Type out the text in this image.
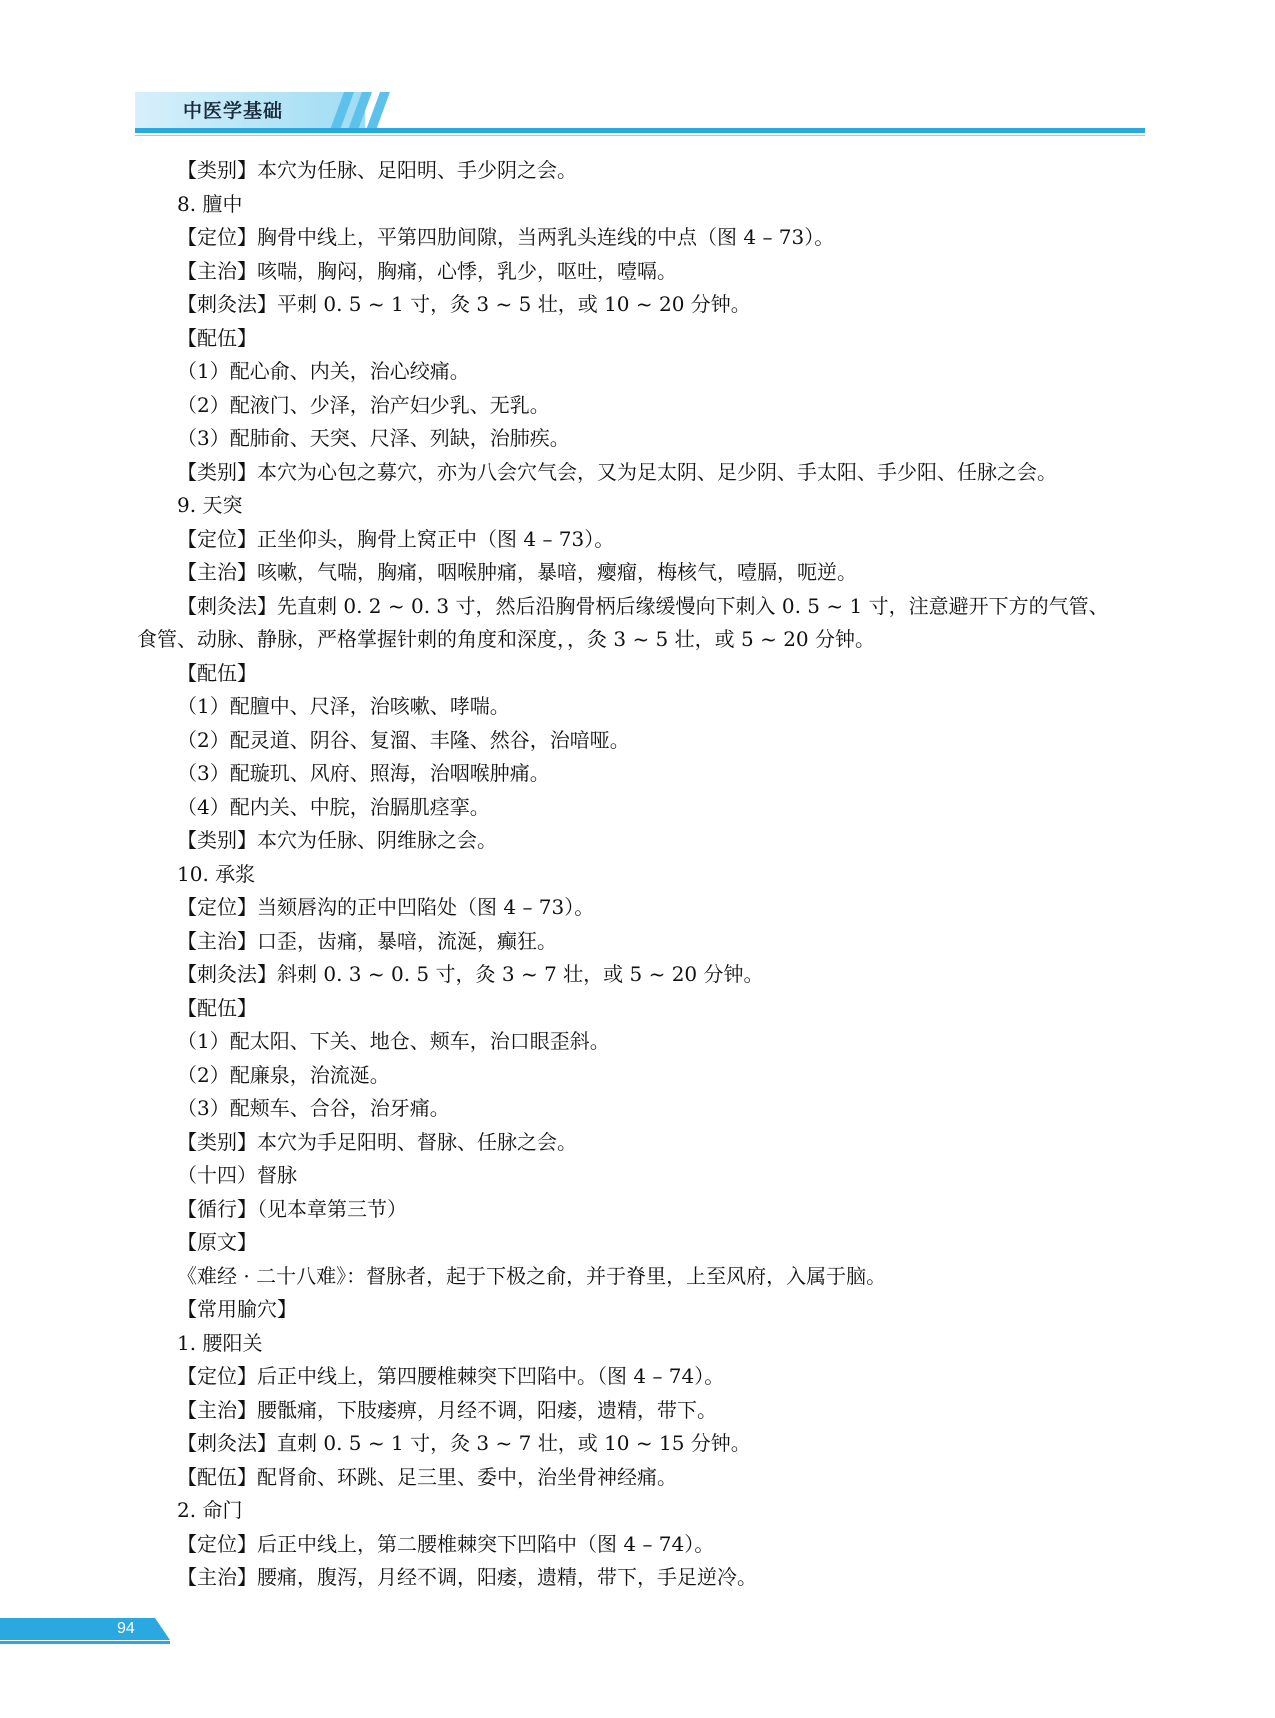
中医学基础
【类别】本穴为任脉、足阳明、手少阴之会。
8. 膻中
【定位】胸骨中线上，平第四肋间隙，当两乳头连线的中点（图 4 – 73）。
【主治】咳喘，胸闷，胸痛，心悸，乳少，呕吐，噎嗝。
【刺灸法】平刺 0. 5 ~ 1 寸，灸 3 ~ 5 壮，或 10 ~ 20 分钟。
【配伍】
（1）配心俞、内关，治心绞痛。
（2）配液门、少泽，治产妇少乳、无乳。
（3）配肺俞、天突、尺泽、列缺，治肺疾。
【类别】本穴为心包之募穴，亦为八会穴气会，又为足太阴、足少阴、手太阳、手少阳、任脉之会。
9. 天突
【定位】正坐仰头，胸骨上窝正中（图 4 – 73）。
【主治】咳嗽，气喘，胸痛，咽喉肿痛，暴喑，瘿瘤，梅核气，噎膈，呃逆。
【刺灸法】先直刺 0. 2 ~ 0. 3 寸，然后沿胸骨柄后缘缓慢向下刺入 0. 5 ~ 1 寸，注意避开下方的气管、
食管、动脉、静脉，严格掌握针刺的角度和深度，，灸 3 ~ 5 壮，或 5 ~ 20 分钟。
【配伍】
（1）配膻中、尺泽，治咳嗽、哮喘。
（2）配灵道、阴谷、复溜、丰隆、然谷，治喑哑。
（3）配璇玑、风府、照海，治咽喉肿痛。
（4）配内关、中脘，治膈肌痉挛。
【类别】本穴为任脉、阴维脉之会。
10. 承浆
【定位】当颏唇沟的正中凹陷处（图 4 – 73）。
【主治】口歪，齿痛，暴喑，流涎，癫狂。
【刺灸法】斜刺 0. 3 ~ 0. 5 寸，灸 3 ~ 7 壮，或 5 ~ 20 分钟。
【配伍】
（1）配太阳、下关、地仓、颊车，治口眼歪斜。
（2）配廉泉，治流涎。
（3）配颊车、合谷，治牙痛。
【类别】本穴为手足阳明、督脉、任脉之会。
（十四）督脉
【循行】（见本章第三节）
【原文】
《难经 · 二十八难》：督脉者，起于下极之俞，并于脊里，上至风府，入属于脑。
【常用腧穴】
1. 腰阳关
【定位】后正中线上，第四腰椎棘突下凹陷中。（图 4 – 74）。
【主治】腰骶痛，下肢痿痹，月经不调，阳痿，遗精，带下。
【刺灸法】直刺 0. 5 ~ 1 寸，灸 3 ~ 7 壮，或 10 ~ 15 分钟。
【配伍】配肾俞、环跳、足三里、委中，治坐骨神经痛。
2. 命门
【定位】后正中线上，第二腰椎棘突下凹陷中（图 4 – 74）。
【主治】腰痛，腹泻，月经不调，阳痿，遗精，带下，手足逆冷。
94
